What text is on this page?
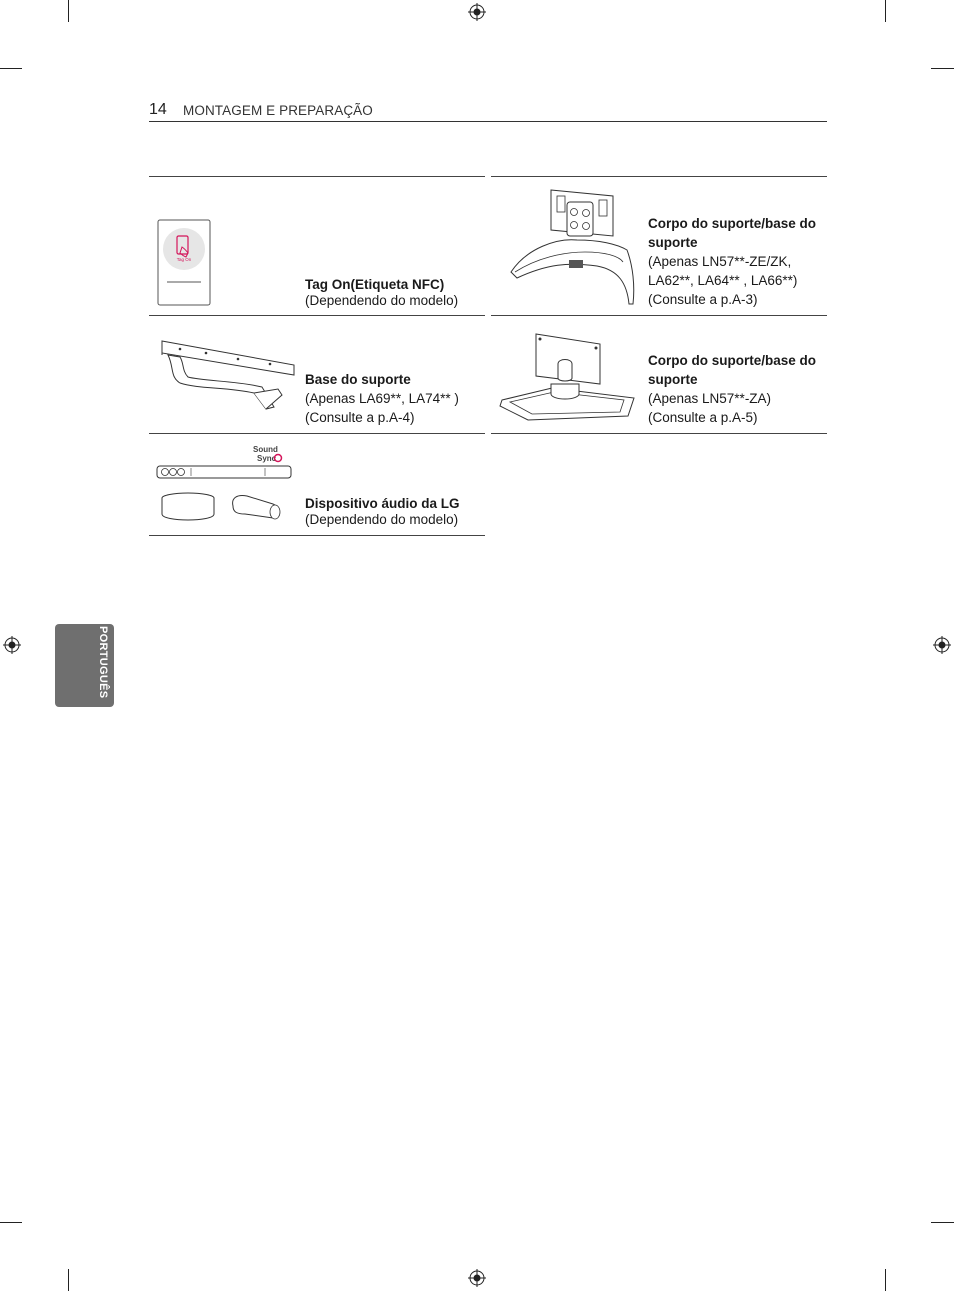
14 MONTAGEM E PREPARAÇÃO
Tag On
Tag On(Etiqueta NFC)
(Dependendo do modelo)
Corpo do suporte/base do suporte
(Apenas LN57**-ZE/ZK,
LA62**, LA64** , LA66**)
(Consulte a p.A-3)
Base do suporte
(Apenas LA69**, LA74** )
(Consulte a p.A-4)
Corpo do suporte/base do suporte
(Apenas LN57**-ZA)
(Consulte a p.A-5)
Sound
Sync
Dispositivo áudio da LG
(Dependendo do modelo)
PORTUGUÊS
